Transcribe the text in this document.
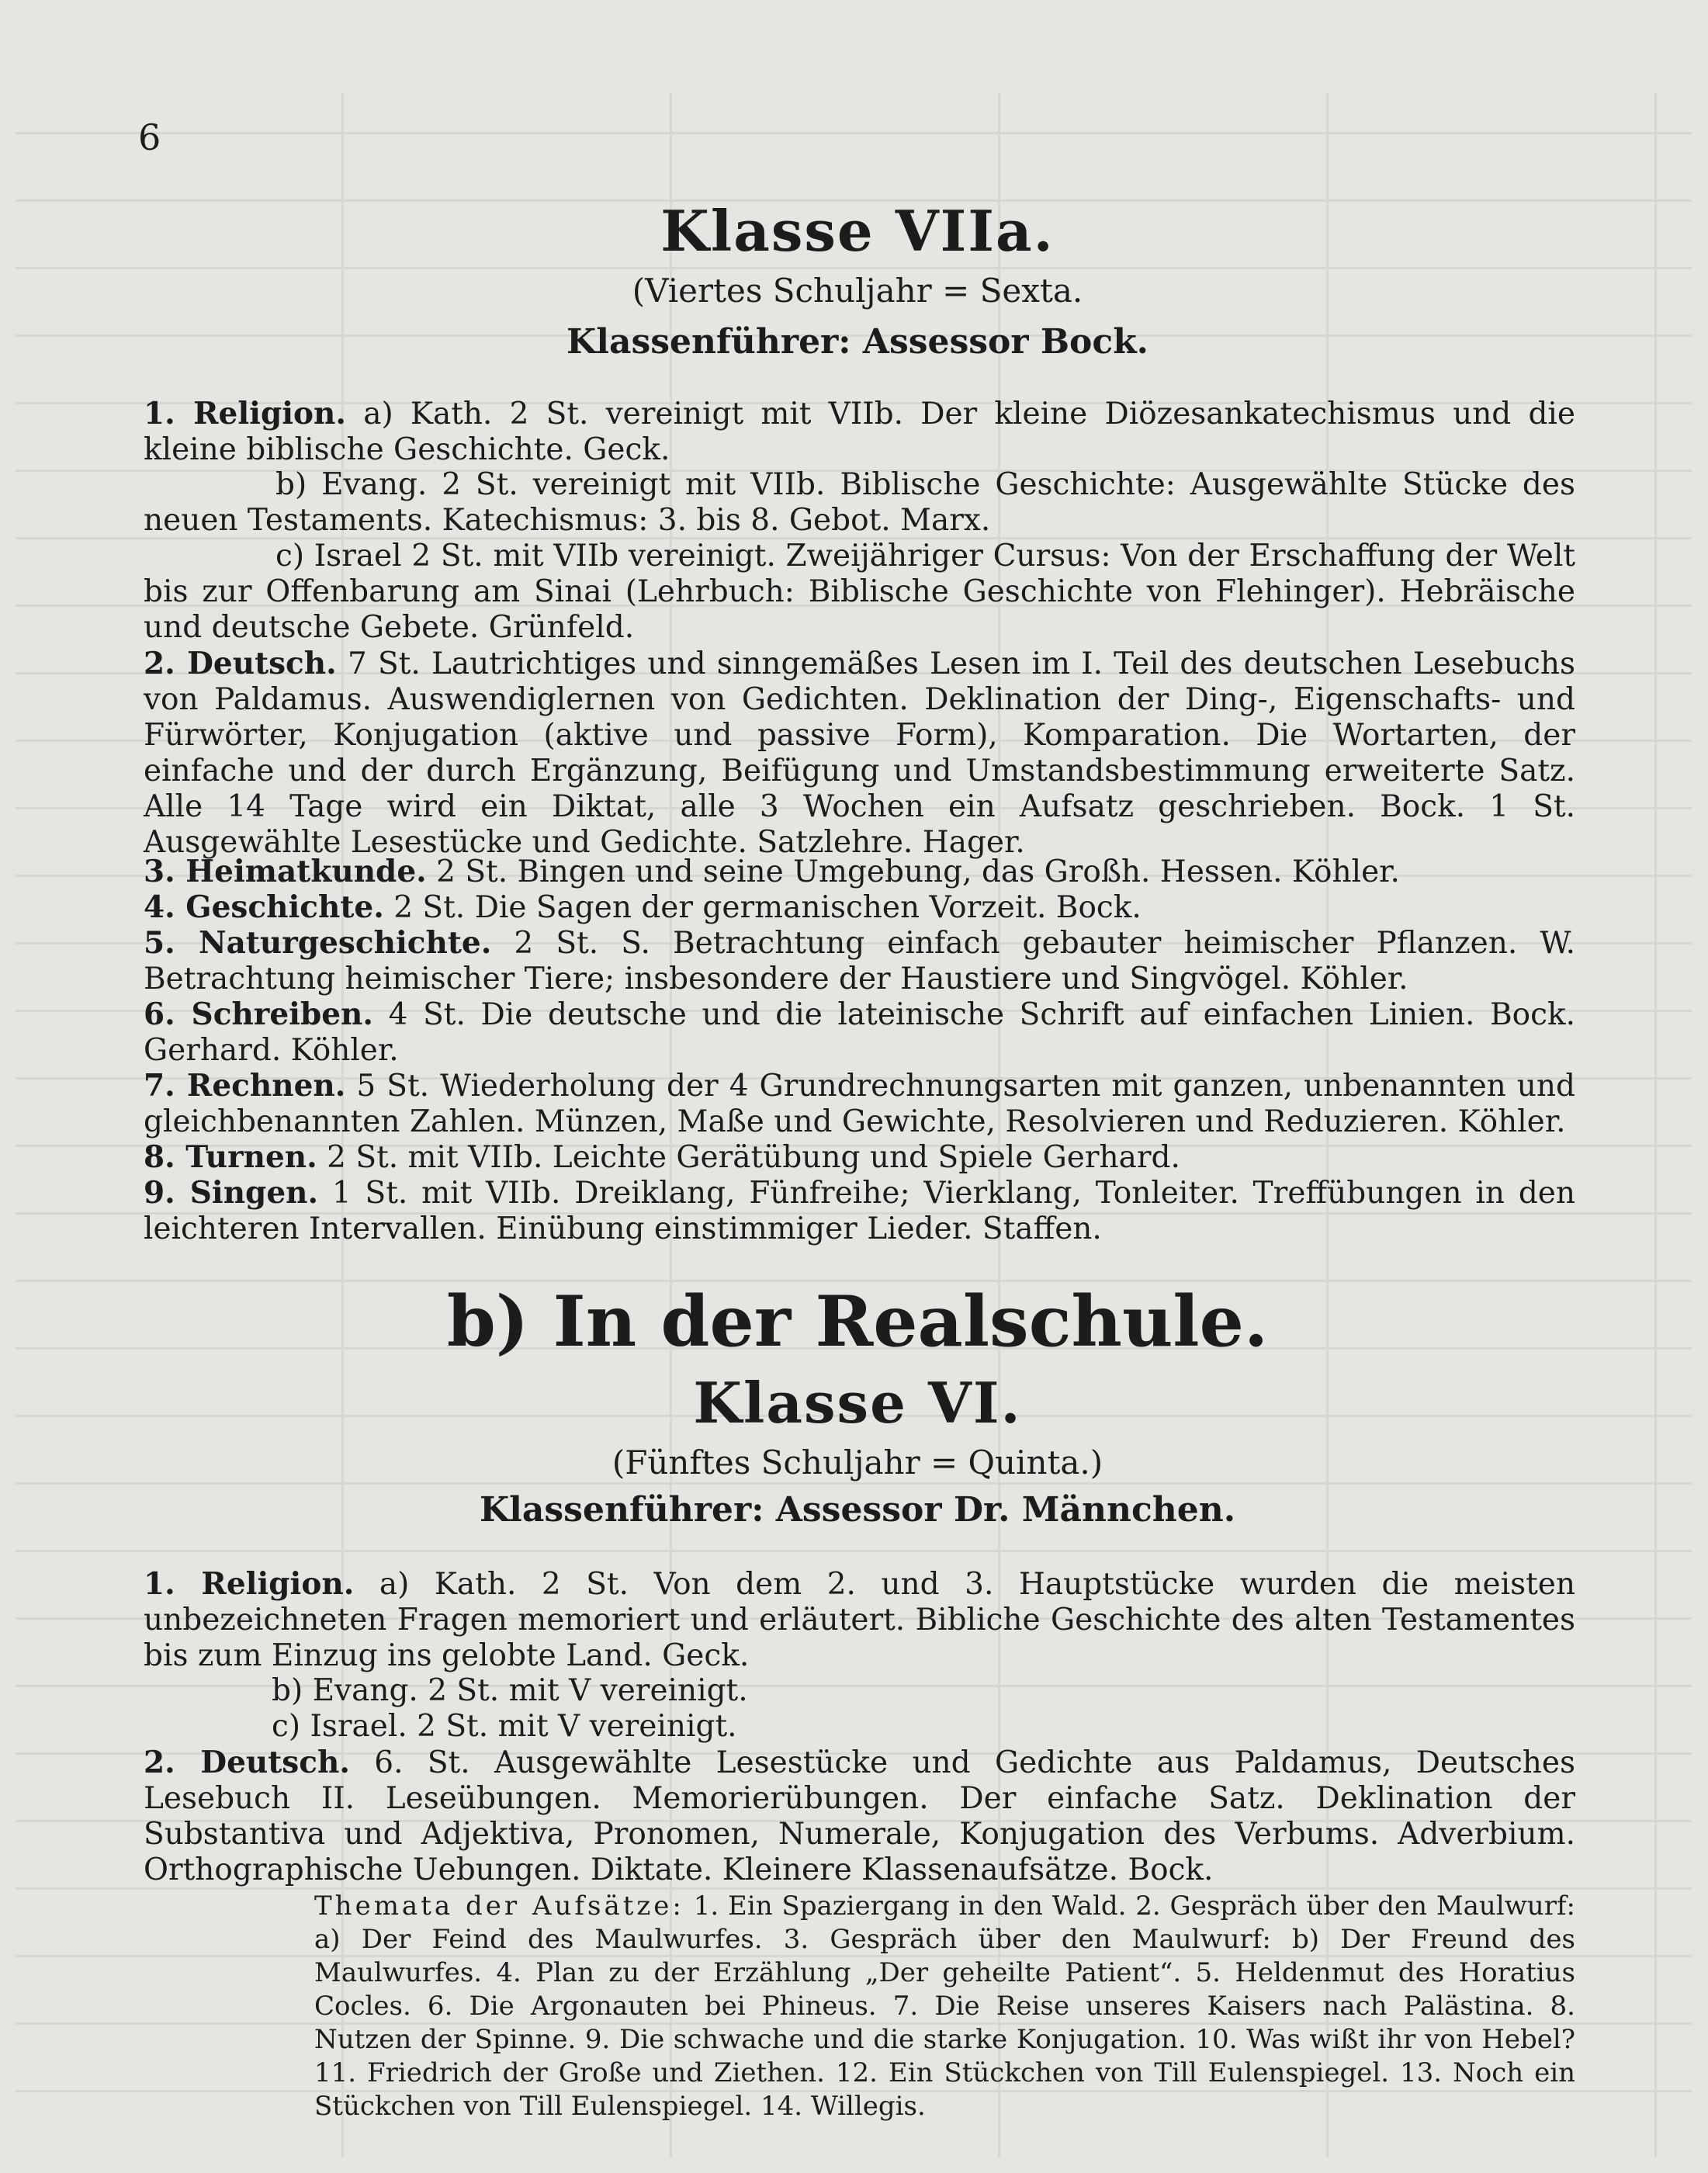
6
Klasse VIIa.
(Viertes Schuljahr = Sexta.
Klassenführer: Assessor Bock.
1. Religion. a) Kath. 2 St. vereinigt mit VIIb. Der kleine Diözesankatechismus und die kleine biblische Geschichte. Geck.
b) Evang. 2 St. vereinigt mit VIIb. Biblische Geschichte: Ausgewählte Stücke des neuen Testaments. Katechismus: 3. bis 8. Gebot. Marx.
c) Israel 2 St. mit VIIb vereinigt. Zweijähriger Cursus: Von der Erschaffung der Welt bis zur Offenbarung am Sinai (Lehrbuch: Biblische Geschichte von Flehinger). Hebräische und deutsche Gebete. Grünfeld.
2. Deutsch. 7 St. Lautrichtiges und sinngemäßes Lesen im I. Teil des deutschen Lesebuchs von Paldamus. Auswendiglernen von Gedichten. Deklination der Ding-, Eigenschafts- und Fürwörter, Konjugation (aktive und passive Form), Komparation. Die Wortarten, der einfache und der durch Ergänzung, Beifügung und Umstandsbestimmung erweiterte Satz. Alle 14 Tage wird ein Diktat, alle 3 Wochen ein Aufsatz geschrieben. Bock. 1 St. Ausgewählte Lesestücke und Gedichte. Satzlehre. Hager.
3. Heimatkunde. 2 St. Bingen und seine Umgebung, das Großh. Hessen. Köhler.
4. Geschichte. 2 St. Die Sagen der germanischen Vorzeit. Bock.
5. Naturgeschichte. 2 St. S. Betrachtung einfach gebauter heimischer Pflanzen. W. Betrachtung heimischer Tiere; insbesondere der Haustiere und Singvögel. Köhler.
6. Schreiben. 4 St. Die deutsche und die lateinische Schrift auf einfachen Linien. Bock. Gerhard. Köhler.
7. Rechnen. 5 St. Wiederholung der 4 Grundrechnungsarten mit ganzen, unbenannten und gleichbenannten Zahlen. Münzen, Maße und Gewichte, Resolvieren und Reduzieren. Köhler.
8. Turnen. 2 St. mit VIIb. Leichte Gerätübung und Spiele Gerhard.
9. Singen. 1 St. mit VIIb. Dreiklang, Fünfreihe; Vierklang, Tonleiter. Treffübungen in den leichteren Intervallen. Einübung einstimmiger Lieder. Staffen.
b) In der Realschule.
Klasse VI.
(Fünftes Schuljahr = Quinta.)
Klassenführer: Assessor Dr. Männchen.
1. Religion. a) Kath. 2 St. Von dem 2. und 3. Hauptstücke wurden die meisten unbezeichneten Fragen memoriert und erläutert. Bibliche Geschichte des alten Testamentes bis zum Einzug ins gelobte Land. Geck.
b) Evang. 2 St. mit V vereinigt.
c) Israel. 2 St. mit V vereinigt.
2. Deutsch. 6. St. Ausgewählte Lesestücke und Gedichte aus Paldamus, Deutsches Lesebuch II. Leseübungen. Memorierübungen. Der einfache Satz. Deklination der Substantiva und Adjektiva, Pronomen, Numerale, Konjugation des Verbums. Adverbium. Orthographische Uebungen. Diktate. Kleinere Klassenaufsätze. Bock.
Themata der Aufsätze: 1. Ein Spaziergang in den Wald. 2. Gespräch über den Maulwurf: a) Der Feind des Maulwurfes. 3. Gespräch über den Maulwurf: b) Der Freund des Maulwurfes. 4. Plan zu der Erzählung „Der geheilte Patient“. 5. Heldenmut des Horatius Cocles. 6. Die Argonauten bei Phineus. 7. Die Reise unseres Kaisers nach Palästina. 8. Nutzen der Spinne. 9. Die schwache und die starke Konjugation. 10. Was wißt ihr von Hebel? 11. Friedrich der Große und Ziethen. 12. Ein Stückchen von Till Eulenspiegel. 13. Noch ein Stückchen von Till Eulenspiegel. 14. Willegis.
